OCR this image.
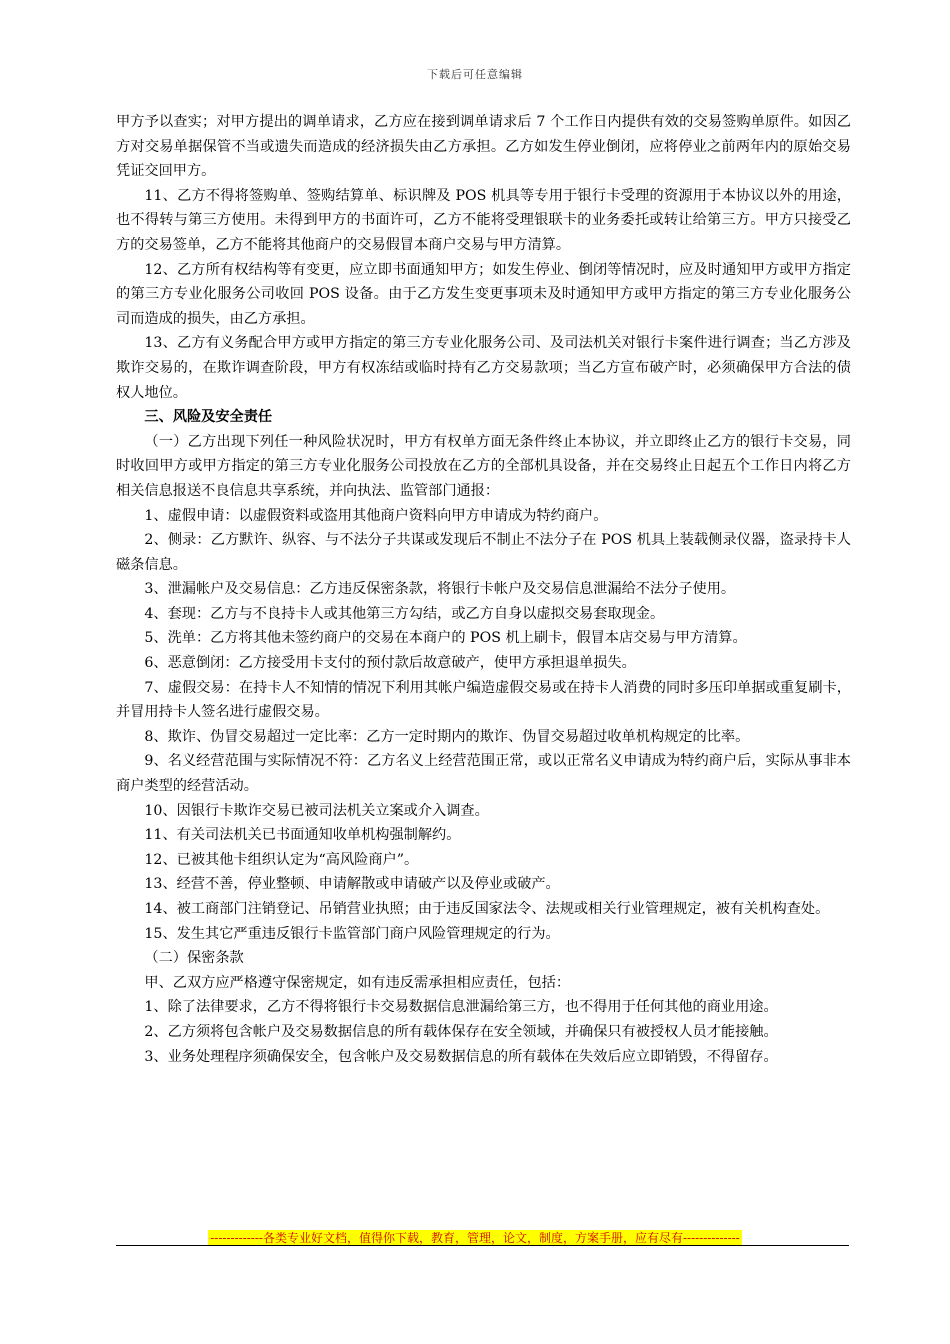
下载后可任意编辑

甲方予以查实；对甲方提出的调单请求，乙方应在接到调单请求后 7 个工作日内提供有效的交易签购单原件。如因乙方对交易单据保管不当或遗失而造成的经济损失由乙方承担。乙方如发生停业倒闭，应将停业之前两年内的原始交易凭证交回甲方。

11、乙方不得将签购单、签购结算单、标识牌及 POS 机具等专用于银行卡受理的资源用于本协议以外的用途，也不得转与第三方使用。未得到甲方的书面许可，乙方不能将受理银联卡的业务委托或转让给第三方。甲方只接受乙方的交易签单，乙方不能将其他商户的交易假冒本商户交易与甲方清算。

12、乙方所有权结构等有变更，应立即书面通知甲方；如发生停业、倒闭等情况时，应及时通知甲方或甲方指定的第三方专业化服务公司收回 POS 设备。由于乙方发生变更事项未及时通知甲方或甲方指定的第三方专业化服务公司而造成的损失，由乙方承担。

13、乙方有义务配合甲方或甲方指定的第三方专业化服务公司、及司法机关对银行卡案件进行调查；当乙方涉及欺诈交易的，在欺诈调查阶段，甲方有权冻结或临时持有乙方交易款项；当乙方宣布破产时，必须确保甲方合法的债权人地位。

三、风险及安全责任

（一）乙方出现下列任一种风险状况时，甲方有权单方面无条件终止本协议，并立即终止乙方的银行卡交易，同时收回甲方或甲方指定的第三方专业化服务公司投放在乙方的全部机具设备，并在交易终止日起五个工作日内将乙方相关信息报送不良信息共享系统，并向执法、监管部门通报：

1、虚假申请：以虚假资料或盗用其他商户资料向甲方申请成为特约商户。

2、侧录：乙方默许、纵容、与不法分子共谋或发现后不制止不法分子在 POS 机具上装载侧录仪器，盗录持卡人磁条信息。

3、泄漏帐户及交易信息：乙方违反保密条款，将银行卡帐户及交易信息泄漏给不法分子使用。

4、套现：乙方与不良持卡人或其他第三方勾结，或乙方自身以虚拟交易套取现金。

5、洗单：乙方将其他未签约商户的交易在本商户的 POS 机上刷卡，假冒本店交易与甲方清算。

6、恶意倒闭：乙方接受用卡支付的预付款后故意破产，使甲方承担退单损失。

7、虚假交易：在持卡人不知情的情况下利用其帐户编造虚假交易或在持卡人消费的同时多压印单据或重复刷卡，并冒用持卡人签名进行虚假交易。

8、欺诈、伪冒交易超过一定比率：乙方一定时期内的欺诈、伪冒交易超过收单机构规定的比率。

9、名义经营范围与实际情况不符：乙方名义上经营范围正常，或以正常名义申请成为特约商户后，实际从事非本商户类型的经营活动。

10、因银行卡欺诈交易已被司法机关立案或介入调查。

11、有关司法机关已书面通知收单机构强制解约。

12、已被其他卡组织认定为“高风险商户”。

13、经营不善，停业整顿、申请解散或申请破产以及停业或破产。

14、被工商部门注销登记、吊销营业执照；由于违反国家法令、法规或相关行业管理规定，被有关机构查处。

15、发生其它严重违反银行卡监管部门商户风险管理规定的行为。

（二）保密条款

甲、乙双方应严格遵守保密规定，如有违反需承担相应责任，包括：

1、除了法律要求，乙方不得将银行卡交易数据信息泄漏给第三方，也不得用于任何其他的商业用途。

2、乙方须将包含帐户及交易数据信息的所有载体保存在安全领域，并确保只有被授权人员才能接触。

3、业务处理程序须确保安全，包含帐户及交易数据信息的所有载体在失效后应立即销毁，不得留存。

-------------各类专业好文档，值得你下载，教育，管理，论文，制度，方案手册，应有尽有--------------
